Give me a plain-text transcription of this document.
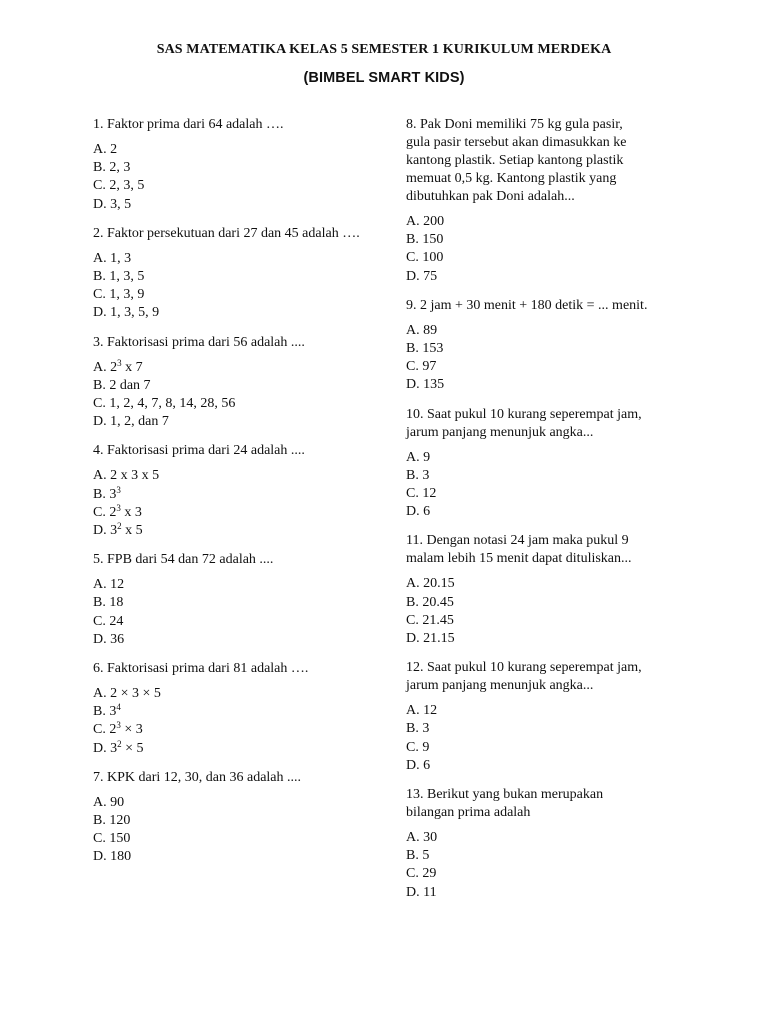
SAS MATEMATIKA KELAS 5 SEMESTER 1 KURIKULUM MERDEKA
(BIMBEL SMART KIDS)
1. Faktor prima dari 64 adalah ….
A. 2
B. 2, 3
C. 2, 3, 5
D. 3, 5
2. Faktor persekutuan dari 27 dan 45 adalah ….
A. 1, 3
B. 1, 3, 5
C. 1, 3, 9
D. 1, 3, 5, 9
3. Faktorisasi prima dari 56 adalah ....
A. $2^3$ x 7
B. 2 dan 7
C. 1, 2, 4, 7, 8, 14, 28, 56
D. 1, 2, dan 7
4. Faktorisasi prima dari 24 adalah ....
A. 2 x 3 x 5
B. $3^3$
C. $2^3$ x 3
D. $3^2$ x 5
5. FPB dari 54 dan 72 adalah ....
A. 12
B. 18
C. 24
D. 36
6. Faktorisasi prima dari 81 adalah ….
A. 2 × 3 × 5
B. $3^4$
C. $2^3 \times 3$
D. $3^2 \times 5$
7. KPK dari 12, 30, dan 36 adalah ....
A. 90
B. 120
C. 150
D. 180
8. Pak Doni memiliki 75 kg gula pasir,
gula pasir tersebut akan dimasukkan ke
kantong plastik. Setiap kantong plastik
memuat 0,5 kg. Kantong plastik yang
dibutuhkan pak Doni adalah...
A. 200
B. 150
C. 100
D. 75
9. 2 jam + 30 menit + 180 detik = ... menit.
A. 89
B. 153
C. 97
D. 135
10. Saat pukul 10 kurang seperempat jam,
jarum panjang menunjuk angka...
A. 9
B. 3
C. 12
D. 6
11. Dengan notasi 24 jam maka pukul 9
malam lebih 15 menit dapat dituliskan...
A. 20.15
B. 20.45
C. 21.45
D. 21.15
12. Saat pukul 10 kurang seperempat jam,
jarum panjang menunjuk angka...
A. 12
B. 3
C. 9
D. 6
13. Berikut yang bukan merupakan
bilangan prima adalah
A. 30
B. 5
C. 29
D. 11
